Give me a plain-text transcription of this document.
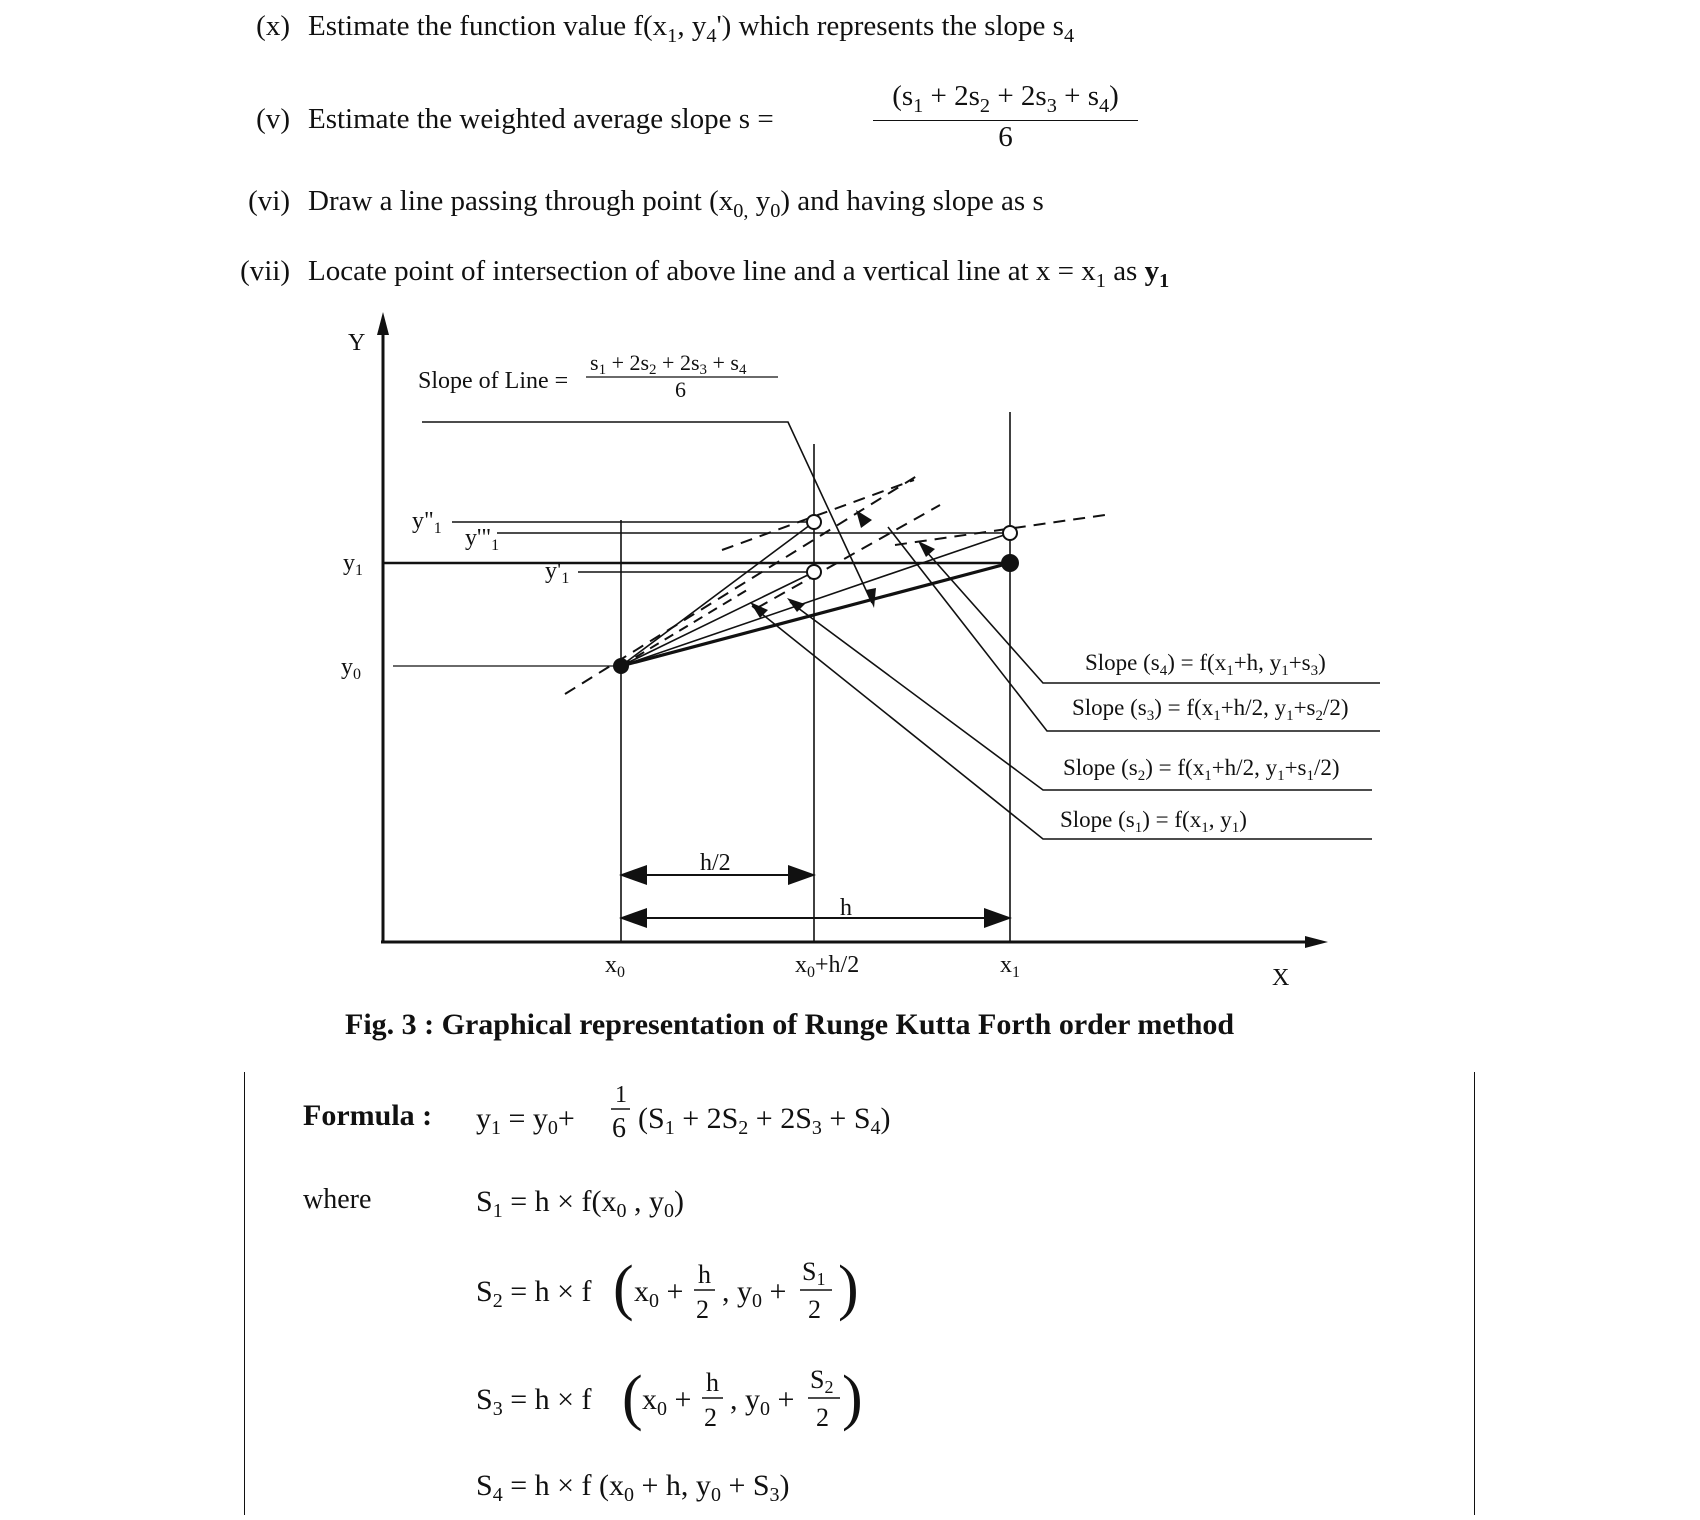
(x) Estimate the function value $f(x_1$, $y_4'$) which represents the slope $s_4$
(v) Estimate the weighted average slope s =
$(s_1 + 2s_2 + 2s_3 + s_4)$
6
(vi) Draw a line passing through point ($x_{0,}$ $y_0$) and having slope as s
(vii) Locate point of intersection of above line and a vertical line at $x = x_1$ as $y_1$
Y
X
Slope of Line =
s1 + 2s2 + 2s3 + s4
6
$y_1$
$y_0$
$x_0$	$x_0+h/2$	$x_1$
$y"_1$ $y'"_1$
$y'_1$
Slope $(s_4) = f(x_1+h$, $y_1+s_3$)
Slope $(s_3) = f(x_1+h/2$, $y_1+s_2/2$)
Slope $(s_2) = f(x_1+h/2$, $y_1+s_1/2$)
Slope $(s_1) = f(x_1$, $y_1$)
h/2
h
Fig. 3 : Graphical representation of Runge Kutta Forth order method
Formula : $y_1 = y_0+$
1
6 $(S_1 + 2S_2 + 2S_3 + S_4)$
where	$S_1 = h \times f(x_0$ , $y_0$)
$S_2 = h \times f$ ( $x_0$ +
h
2
, $y_0$ +
S1
2 )
$S_3 = h \times f$ ( $x_0$ +
h
2
, $y_0$ +
S2
2 )
$S_4 = h \times f$ ($x_0 + h$, $y_0 + S_3$)
